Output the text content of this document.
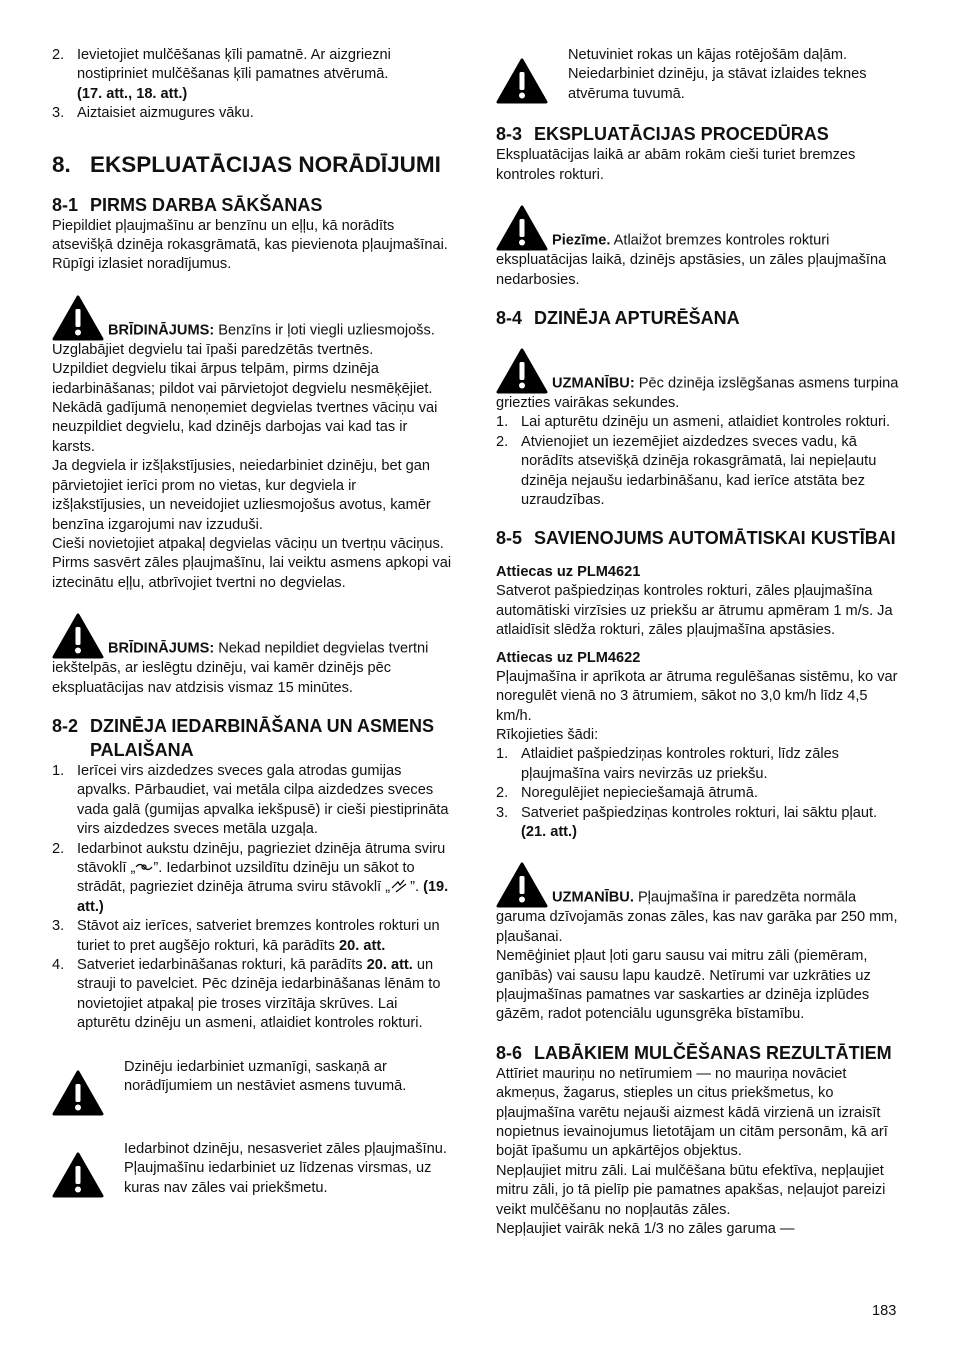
2. Ievietojiet mulčēšanas ķīli pamatnē. Ar aizgriezni nostipriniet mulčēšanas ķīli pamatnes atvērumā.
(17. att., 18. att.)
3. Aiztaisiet aizmugures vāku.
8. EKSPLUATĀCIJAS NORĀDĪJUMI
8-1 PIRMS DARBA SĀKŠANAS

Piepildiet pļaujmašīnu ar benzīnu un eļļu, kā norādīts atsevišķā dzinēja rokasgrāmatā, kas pievienota pļaujmašīnai. Rūpīgi izlasiet noradījumus.

BRĪDINĀJUMS: Benzīns ir ļoti viegli uzliesmojošs.

Uzglabājiet degvielu tai īpaši paredzētās tvertnēs.

Uzpildiet degvielu tikai ārpus telpām, pirms dzinēja iedarbināšanas; pildot vai pārvietojot degvielu nesmēķējiet.

Nekādā gadījumā nenoņemiet degvielas tvertnes vāciņu vai neuzpildiet degvielu, kad dzinējs darbojas vai kad tas ir karsts.

Ja degviela ir izšļakstījusies, neiedarbiniet dzinēju, bet gan pārvietojiet ierīci prom no vietas, kur degviela ir izšļakstījusies, un neveidojiet uzliesmojošus avotus, kamēr benzīna izgarojumi nav izzuduši.

Cieši novietojiet atpakaļ degvielas vāciņu un tvertņu vāciņus.

Pirms sasvērt zāles pļaujmašīnu, lai veiktu asmens apkopi vai iztecinātu eļļu, atbrīvojiet tvertni no degvielas.

BRĪDINĀJUMS: Nekad nepildiet degvielas tvertni iekštelpās, ar ieslēgtu dzinēju, vai kamēr dzinējs pēc ekspluatācijas nav atdzisis vismaz 15 minūtes.

8-2 DZINĒJA IEDARBINĀŠANA UN ASMENS PALAIŠANA
1. Ierīcei virs aizdedzes sveces gala atrodas gumijas apvalks. Pārbaudiet, vai metāla cilpa aizdedzes sveces vada galā (gumijas apvalka iekšpusē) ir cieši piestiprināta virs aizdedzes sveces metāla uzgaļa.
2. Iedarbinot aukstu dzinēju, pagrieziet dzinēja ātruma sviru stāvoklī „ ”. Iedarbinot uzsildītu dzinēju un sākot to strādāt, pagrieziet dzinēja ātruma sviru stāvoklī „ ”. (19. att.)
3. Stāvot aiz ierīces, satveriet bremzes kontroles rokturi un turiet to pret augšējo rokturi, kā parādīts 20. att.
4. Satveriet iedarbināšanas rokturi, kā parādīts 20. att. un strauji to pavelciet. Pēc dzinēja iedarbināšanas lēnām to novietojiet atpakaļ pie troses virzītāja skrūves. Lai apturētu dzinēju un asmeni, atlaidiet kontroles rokturi.

Dzinēju iedarbiniet uzmanīgi, saskaņā ar norādījumiem un nestāviet asmens tuvumā.

Iedarbinot dzinēju, nesasveriet zāles pļaujmašīnu. Pļaujmašīnu iedarbiniet uz līdzenas virsmas, uz kuras nav zāles vai priekšmetu.

Netuviniet rokas un kājas rotējošām daļām. Neiedarbiniet dzinēju, ja stāvat izlaides teknes atvēruma tuvumā.

8-3 EKSPLUATĀCIJAS PROCEDŪRAS

Ekspluatācijas laikā ar abām rokām cieši turiet bremzes kontroles rokturi.

Piezīme. Atlaižot bremzes kontroles rokturi ekspluatācijas laikā, dzinējs apstāsies, un zāles pļaujmašīna nedarbosies.

8-4 DZINĒJA APTURĒŠANA

UZMANĪBU: Pēc dzinēja izslēgšanas asmens turpina griezties vairākas sekundes.

1. Lai apturētu dzinēju un asmeni, atlaidiet kontroles rokturi.
2. Atvienojiet un iezemējiet aizdedzes sveces vadu, kā norādīts atsevišķā dzinēja rokasgrāmatā, lai nepieļautu dzinēja nejaušu iedarbināšanu, kad ierīce atstāta bez uzraudzības.
8-5 SAVIENOJUMS AUTOMĀTISKAI KUSTĪBAI

Attiecas uz PLM4621

Satverot pašpiedziņas kontroles rokturi, zāles pļaujmašīna automātiski virzīsies uz priekšu ar ātrumu apmēram 1 m/s. Ja atlaidīsit slēdža rokturi, zāles pļaujmašīna apstāsies.

Attiecas uz PLM4622

Pļaujmašīna ir aprīkota ar ātruma regulēšanas sistēmu, ko var noregulēt vienā no 3 ātrumiem, sākot no 3,0 km/h līdz 4,5 km/h.

Rīkojieties šādi:

1. Atlaidiet pašpiedziņas kontroles rokturi, līdz zāles pļaujmašīna vairs nevirzās uz priekšu.
2. Noregulējiet nepieciešamajā ātrumā.
3. Satveriet pašpiedziņas kontroles rokturi, lai sāktu pļaut. (21. att.)

UZMANĪBU. Pļaujmašīna ir paredzēta normāla garuma dzīvojamās zonas zāles, kas nav garāka par 250 mm, pļaušanai.

Nemēģiniet pļaut ļoti garu sausu vai mitru zāli (piemēram, ganībās) vai sausu lapu kaudzē. Netīrumi var uzkrāties uz pļaujmašīnas pamatnes var saskarties ar dzinēja izplūdes gāzēm, radot potenciālu ugunsgrēka bīstamību.

8-6 LABĀKIEM MULČĒŠANAS REZULTĀTIEM

Attīriet mauriņu no netīrumiem — no mauriņa novāciet akmeņus, žagarus, stieples un citus priekšmetus, ko pļaujmašīna varētu nejauši aizmest kādā virzienā un izraisīt nopietnus ievainojumus lietotājam un citām personām, kā arī bojāt īpašumu un apkārtējos objektus.

Nepļaujiet mitru zāli. Lai mulčēšana būtu efektīva, nepļaujiet mitru zāli, jo tā pielīp pie pamatnes apakšas, neļaujot pareizi veikt mulčēšanu no nopļautās zāles.

Nepļaujiet vairāk nekā 1/3 no zāles garuma —

183
